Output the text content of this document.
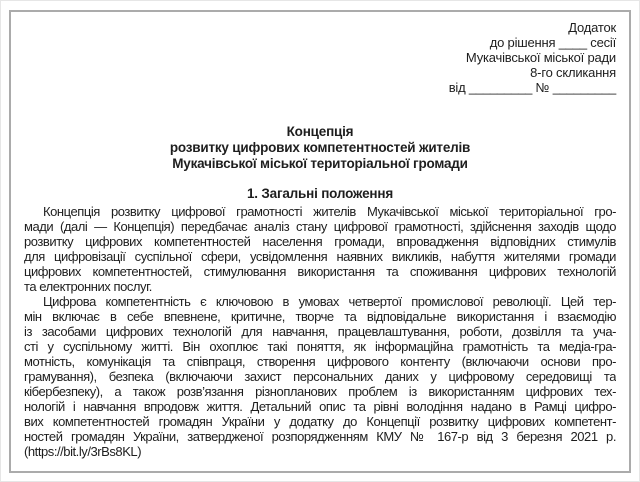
Додаток
до рішення ____ сесії
Мукачівської міської ради
8-го скликання
від _________ № _________
Концепція
розвитку цифрових компетентностей жителів
Мукачівської міської територіальної громади
1. Загальні положення
Концепція розвитку цифрової грамотності жителів Мукачівської міської територіальної гро-
мади (далі — Концепція) передбачає аналіз стану цифрової грамотності, здійснення заходів щодо
розвитку цифрових компетентностей населення громади, впровадження відповідних стимулів
для цифровізації суспільної сфери, усвідомлення наявних викликів, набуття жителями громади
цифрових компетентностей, стимулювання використання та споживання цифрових технологій
та електронних послуг.
Цифрова компетентність є ключовою в умовах четвертої промислової революції. Цей тер-
мін включає в себе впевнене, критичне, творче та відповідальне використання і взаємодію
із засобами цифрових технологій для навчання, працевлаштування, роботи, дозвілля та уча-
сті у суспільному житті. Він охоплює такі поняття, як інформаційна грамотність та медіа-гра-
мотність, комунікація та співпраця, створення цифрового контенту (включаючи основи про-
грамування), безпека (включаючи захист персональних даних у цифровому середовищі та
кібербезпеку), а також розв’язання різнопланових проблем із використанням цифрових тех-
нологій і навчання впродовж життя. Детальний опис та рівні володіння надано в Рамці цифро-
вих компетентностей громадян України у додатку до Концепції розвитку цифрових компетент-
ностей громадян України, затвердженої розпорядженням КМУ № 167-р від 3 березня 2021 р.
(https://bit.ly/3rBs8KL)
